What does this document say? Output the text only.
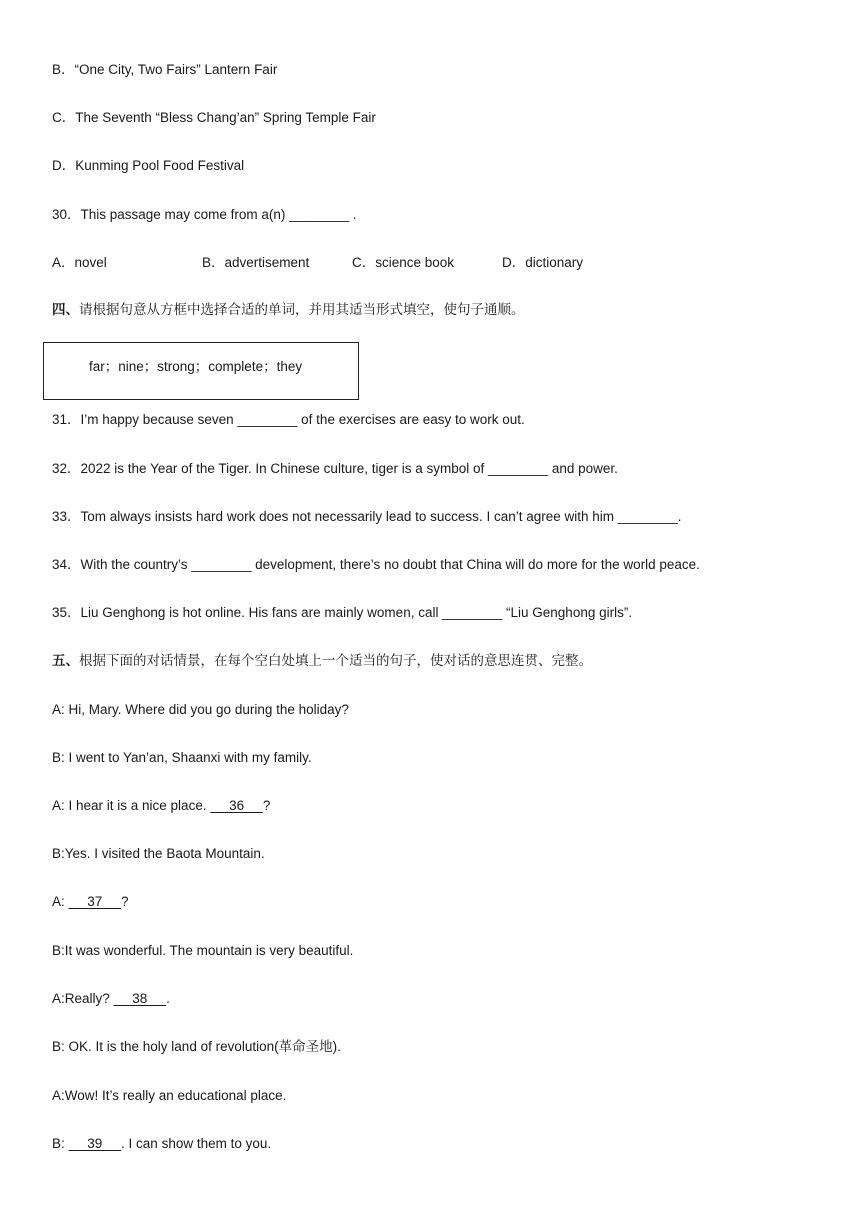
B．“One City, Two Fairs” Lantern Fair
C．The Seventh “Bless Chang’an” Spring Temple Fair
D．Kunming Pool Food Festival
30．This passage may come from a(n) ________ .
A．novel	B．advertisement	C．science book	D．dictionary
四、请根据句意从方框中选择合适的单词，并用其适当形式填空，使句子通顺。
far；nine；strong；complete；they
31．I’m happy because seven ________ of the exercises are easy to work out.
32．2022 is the Year of the Tiger. In Chinese culture, tiger is a symbol of ________ and power.
33．Tom always insists hard work does not necessarily lead to success. I can’t agree with him ________.
34．With the country’s ________ development, there’s no doubt that China will do more for the world peace.
35．Liu Genghong is hot online. His fans are mainly women, call ________ “Liu Genghong girls”.
五、根据下面的对话情景，在每个空白处填上一个适当的句子，使对话的意思连贯、完整。
A: Hi, Mary. Where did you go during the holiday?
B: I went to Yan’an, Shaanxi with my family.
A: I hear it is a nice place.      36     ?
B:Yes. I visited the Baota Mountain.
A:      37     ?
B:It was wonderful. The mountain is very beautiful.
A:Really?      38     .
B: OK. It is the holy land of revolution(革命圣地).
A:Wow! It’s really an educational place.
B:      39     . I can show them to you.
